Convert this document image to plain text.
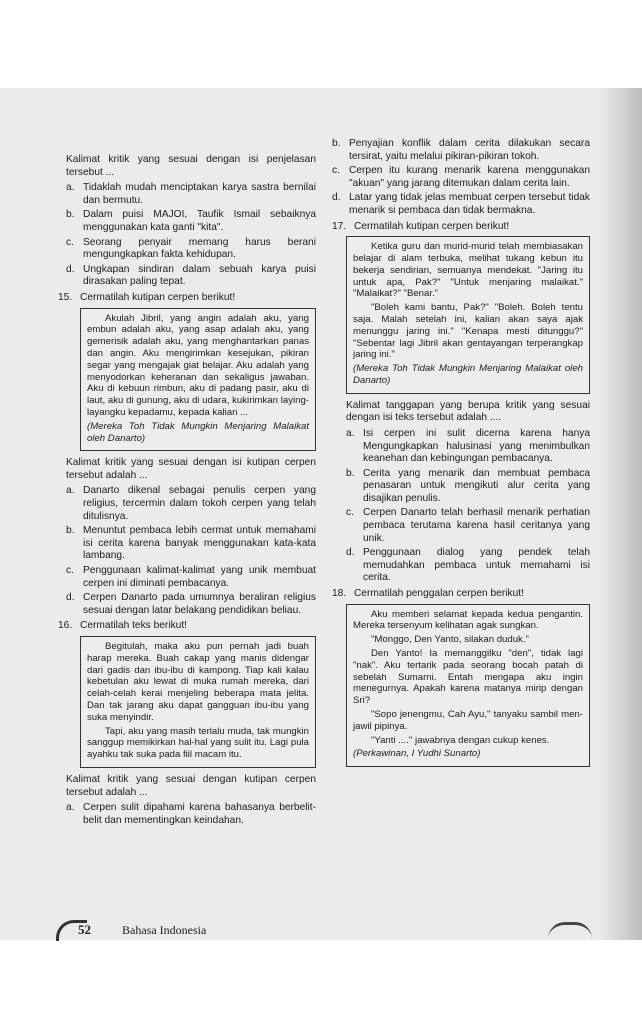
Kalimat kritik yang sesuai dengan isi penjelasan tersebut ...
a. Tidaklah mudah menciptakan karya sastra bernilai dan bermutu.
b. Dalam puisi MAJOI, Taufik Ismail sebaiknya menggunakan kata ganti "kita".
c. Seorang penyair memang harus berani mengungkapkan fakta kehidupan.
d. Ungkapan sindiran dalam sebuah karya puisi dirasakan paling tepat.
15. Cermatilah kutipan cerpen berikut!

Akulah Jibril, yang angin adalah aku, yang embun adalah aku, yang asap adalah aku, yang gemerisik adalah aku, yang menghantarkan panas dan angin. Aku mengirimkan kesejukan, pikiran segar yang mengajak giat belajar. Aku adalah yang menyodorkan keheranan dan sekaligus jawaban. Aku di kebuun rimbun, aku di padang pasir, aku di laut, aku di gunung, aku di udara, kukirimkan laying-layangku kepadamu, kepada kalian ...

(Mereka Toh Tidak Mungkin Menjaring Malaikat oleh Danarto)

Kalimat kritik yang sesuai dengan isi kutipan cerpen tersebut adalah ...
a. Danarto dikenal sebagai penulis cerpen yang religius, tercermin dalam tokoh cerpen yang telah ditulisnya.
b. Menuntut pembaca lebih cermat untuk memahami isi cerita karena banyak menggunakan kata-kata lambang.
c. Penggunaan kalimat-kalimat yang unik membuat cerpen ini diminati pembacanya.
d. Cerpen Danarto pada umumnya beraliran religius sesuai dengan latar belakang pendidikan beliau.
16. Cermatilah teks berikut!

Begitulah, maka aku pun pernah jadi buah harap mereka. Buah cakap yang manis didengar dari gadis dan ibu-ibu di kampong. Tiap kali kalau kebetulan aku lewat di muka rumah mereka, dari celah-celah kerai menjeling beberapa mata jelita. Dan tak jarang aku dapat gangguan ibu-ibu yang suka menyindir.

Tapi, aku yang masih terlalu muda, tak mungkin sanggup memikirkan hal-hal yang sulit itu. Lagi pula ayahku tak suka pada fiil macam itu.

Kalimat kritik yang sesuai dengan kutipan cerpen tersebut adalah ...
a. Cerpen sulit dipahami karena bahasanya berbelit-belit dan mementingkan keindahan.
b. Penyajian konflik dalam cerita dilakukan secara tersirat, yaitu melalui pikiran-pikiran tokoh.
c. Cerpen itu kurang menarik karena menggunakan "akuan" yang jarang ditemukan dalam cerita lain.
d. Latar yang tidak jelas membuat cerpen tersebut tidak menarik si pembaca dan tidak bermakna.
17. Cermatilah kutipan cerpen berikut!

Ketika guru dan murid-murid telah membiasakan belajar di alam terbuka, melihat tukang kebun itu bekerja sendirian, semuanya mendekat. "Jaring itu untuk apa, Pak?" "Untuk menjaring malaikat." "Malaikat?" "Benar."

"Boleh kami bantu, Pak?" "Boleh. Boleh tentu saja. Malah setelah ini, kalian akan saya ajak menunggu jaring ini." "Kenapa mesti ditunggu?" "Sebentar lagi Jibril akan gentayangan terperangkap jaring ini."

(Mereka Toh Tidak Mungkin Menjaring Malaikat oleh Danarto)

Kalimat tanggapan yang berupa kritik yang sesuai dengan isi teks tersebut adalah ....
a. Isi cerpen ini sulit dicerna karena hanya Mengungkapkan halusinasi yang menimbulkan keanehan dan kebingungan pembacanya.
b. Cerita yang menarik dan membuat pembaca penasaran untuk mengikuti alur cerita yang disajikan penulis.
c. Cerpen Danarto telah berhasil menarik perhatian pembaca terutama karena hasil ceritanya yang unik.
d. Penggunaan dialog yang pendek telah memudahkan pembaca untuk memahami isi cerita.
18. Cermatilah penggalan cerpen berikut!

Aku memberi selamat kepada kedua pengantin. Mereka tersenyum kelihatan agak sungkan.

"Monggo, Den Yanto, silakan duduk."

Den Yanto! Ia memanggilku "den", tidak lagi "nak". Aku tertarik pada seorang bocah patah di sebelah Sumarni. Entah mengapa aku ingin menegurnya. Apakah karena matanya mirip dengan Sri?

"Sopo jenengmu, Cah Ayu," tanyaku sambil men-jawil pipinya.

"Yanti ...." jawabnya dengan cukup kenes.

(Perkawinan, I Yudhi Sunarto)

52	Bahasa Indonesia
